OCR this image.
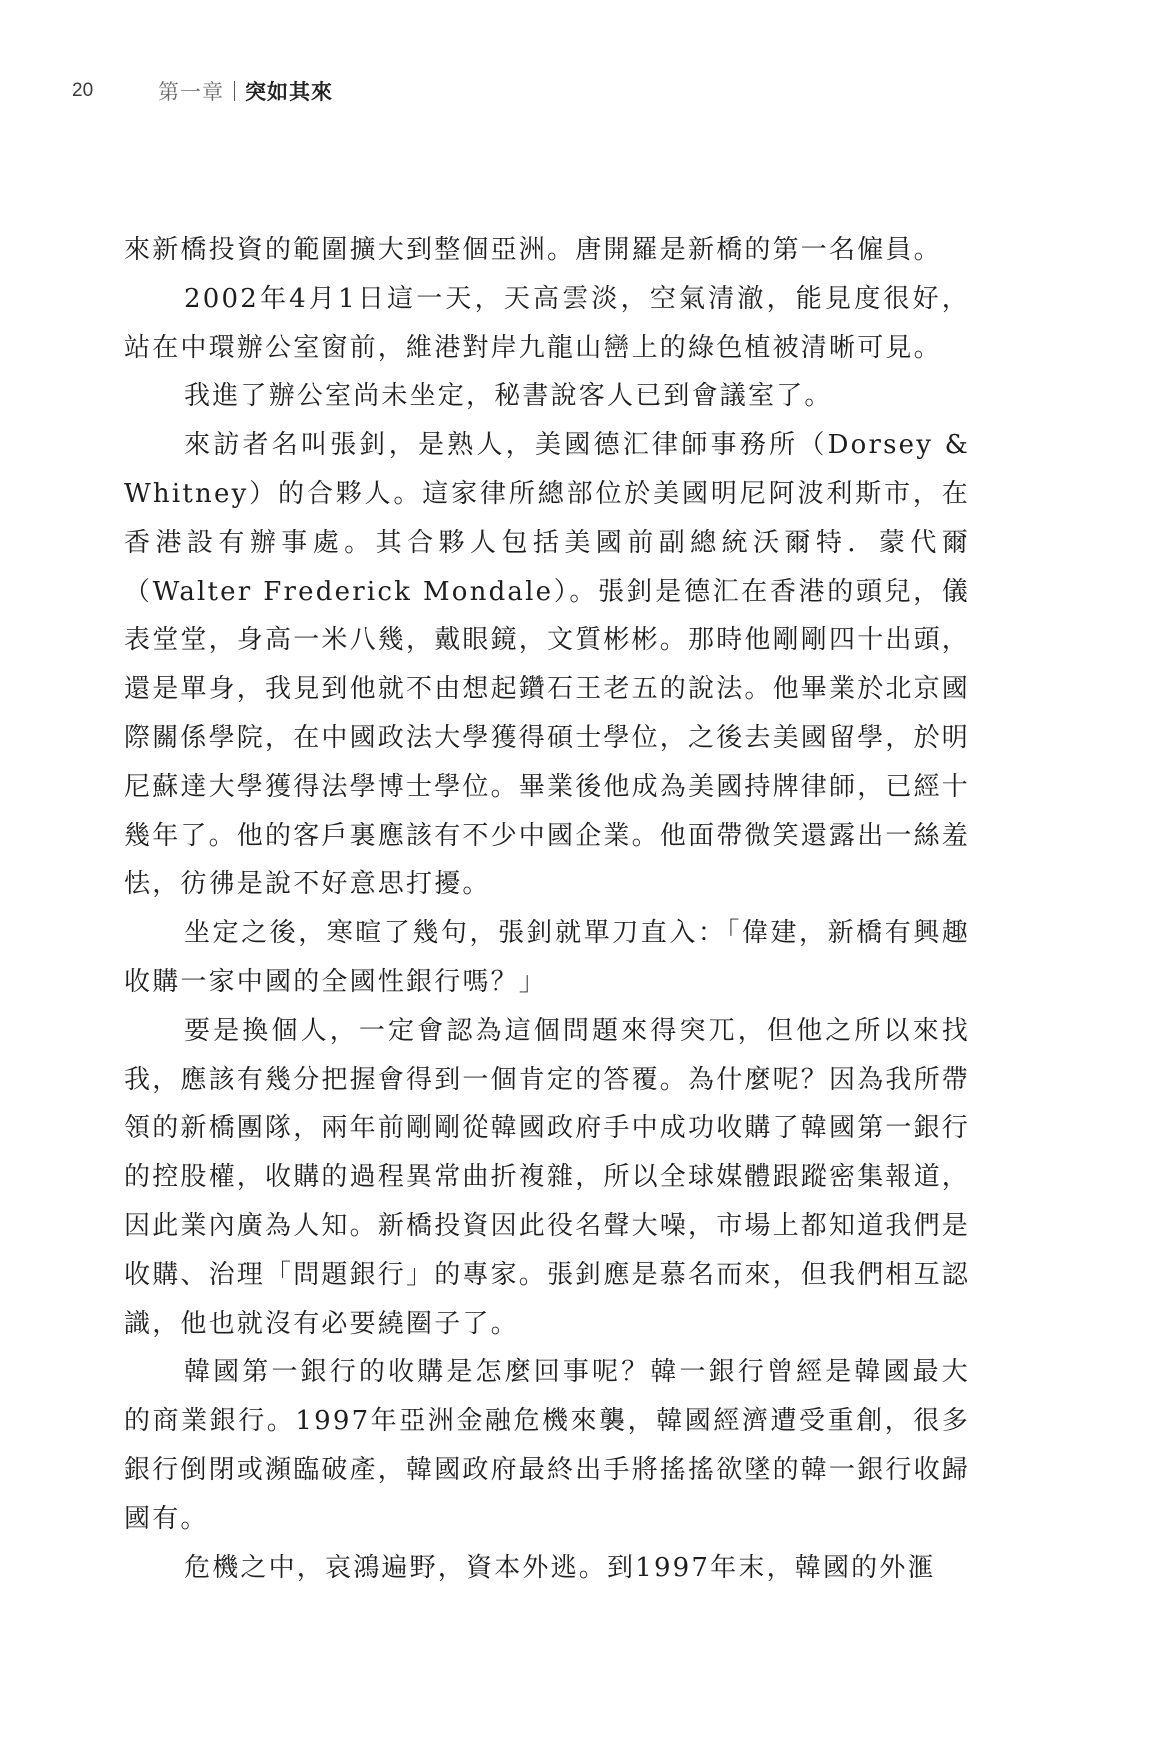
20	第一章 突如其來

來新橋投資的範圍擴大到整個亞洲。唐開羅是新橋的第一名僱員。

2002年4月1日這一天，天高雲淡，空氣清澈，能見度很好，站在中環辦公室窗前，維港對岸九龍山巒上的綠色植被清晰可見。

我進了辦公室尚未坐定，秘書說客人已到會議室了。

來訪者名叫張釗，是熟人，美國德汇律師事務所（Dorsey & Whitney）的合夥人。這家律所總部位於美國明尼阿波利斯市，在香港設有辦事處。其合夥人包括美國前副總統沃爾特．蒙代爾（Walter Frederick Mondale）。張釗是德汇在香港的頭兒，儀表堂堂，身高一米八幾，戴眼鏡，文質彬彬。那時他剛剛四十出頭，還是單身，我見到他就不由想起鑽石王老五的說法。他畢業於北京國際關係學院，在中國政法大學獲得碩士學位，之後去美國留學，於明尼蘇達大學獲得法學博士學位。畢業後他成為美國持牌律師，已經十幾年了。他的客戶裏應該有不少中國企業。他面帶微笑還露出一絲羞怯，彷彿是說不好意思打擾。

坐定之後，寒暄了幾句，張釗就單刀直入：「偉建，新橋有興趣收購一家中國的全國性銀行嗎？」

要是換個人，一定會認為這個問題來得突兀，但他之所以來找我，應該有幾分把握會得到一個肯定的答覆。為什麼呢？因為我所帶領的新橋團隊，兩年前剛剛從韓國政府手中成功收購了韓國第一銀行的控股權，收購的過程異常曲折複雜，所以全球媒體跟蹤密集報道，因此業內廣為人知。新橋投資因此役名聲大噪，市場上都知道我們是收購、治理「問題銀行」的專家。張釗應是慕名而來，但我們相互認識，他也就沒有必要繞圈子了。

韓國第一銀行的收購是怎麼回事呢？韓一銀行曾經是韓國最大的商業銀行。1997年亞洲金融危機來襲，韓國經濟遭受重創，很多銀行倒閉或瀕臨破產，韓國政府最終出手將搖搖欲墜的韓一銀行收歸國有。

危機之中，哀鴻遍野，資本外逃。到1997年末，韓國的外滙
